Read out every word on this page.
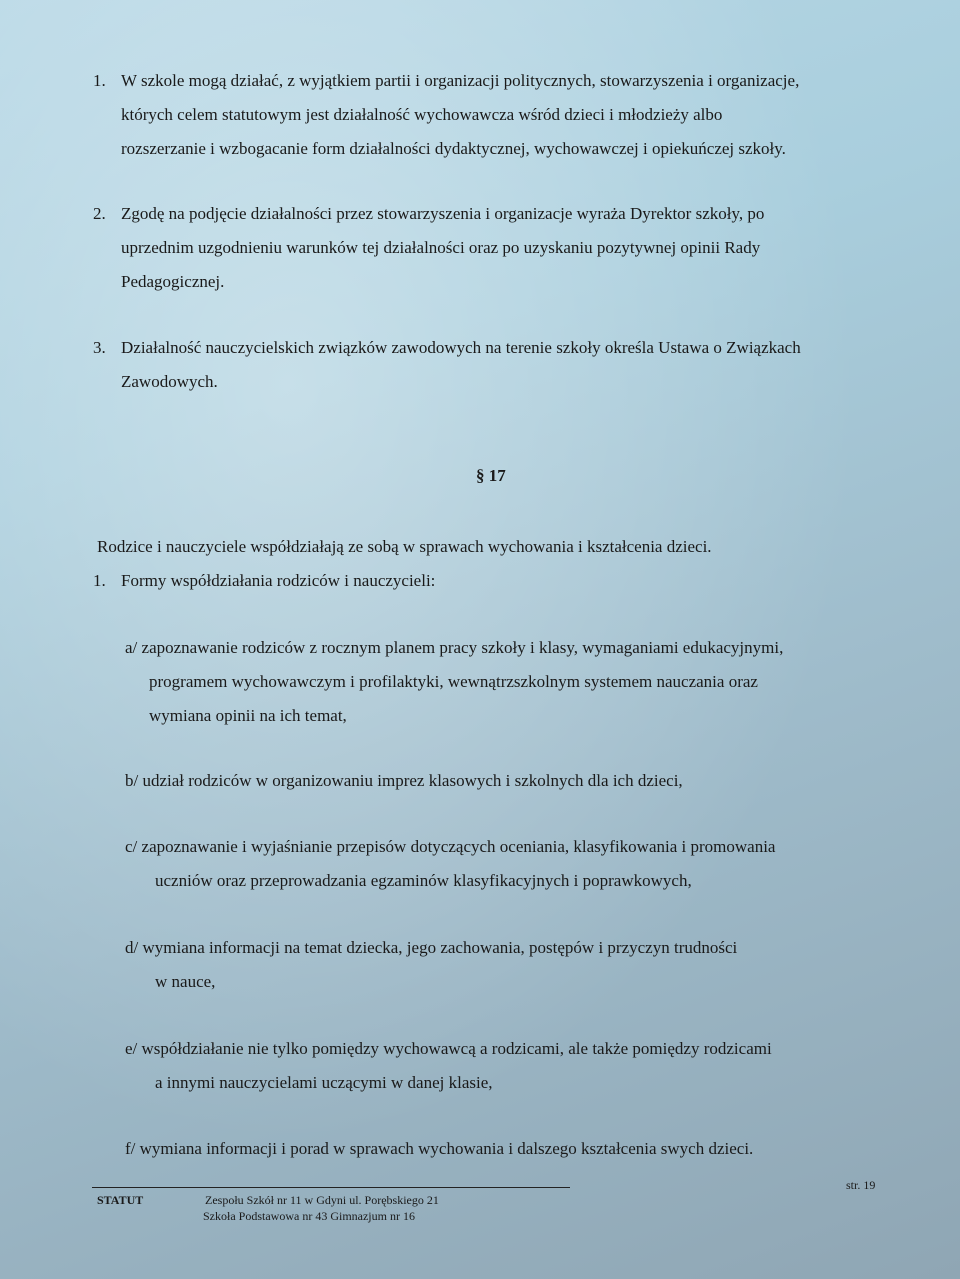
1. W szkole mogą działać, z wyjątkiem partii i organizacji politycznych, stowarzyszenia i organizacje,
których celem statutowym jest działalność wychowawcza wśród dzieci i młodzieży albo
rozszerzanie i wzbogacanie form działalności dydaktycznej, wychowawczej i opiekuńczej szkoły.
2. Zgodę na podjęcie działalności przez stowarzyszenia i organizacje wyraża Dyrektor szkoły, po
uprzednim uzgodnieniu warunków tej działalności oraz po uzyskaniu pozytywnej opinii Rady
Pedagogicznej.
3. Działalność nauczycielskich związków zawodowych na terenie szkoły określa Ustawa o Związkach
Zawodowych.
§ 17
Rodzice i nauczyciele współdziałają ze sobą w sprawach wychowania i kształcenia dzieci.
1. Formy współdziałania rodziców i nauczycieli:
a/ zapoznawanie rodziców z rocznym planem pracy szkoły i klasy, wymaganiami edukacyjnymi,
programem wychowawczym i profilaktyki, wewnątrzszkolnym systemem nauczania oraz
wymiana opinii na ich temat,
b/ udział rodziców w organizowaniu imprez klasowych i szkolnych dla ich dzieci,
c/ zapoznawanie i wyjaśnianie przepisów dotyczących oceniania, klasyfikowania i promowania
uczniów oraz przeprowadzania egzaminów klasyfikacyjnych i poprawkowych,
d/ wymiana informacji na temat dziecka, jego zachowania, postępów i przyczyn trudności
w nauce,
e/ współdziałanie nie tylko pomiędzy wychowawcą a rodzicami, ale także pomiędzy rodzicami
a innymi nauczycielami uczącymi w danej klasie,
f/ wymiana informacji i porad w sprawach wychowania i dalszego kształcenia swych dzieci.
str. 19
STATUT	Zespołu Szkół nr 11 w Gdyni ul. Porębskiego 21
Szkoła Podstawowa nr 43 Gimnazjum nr 16
